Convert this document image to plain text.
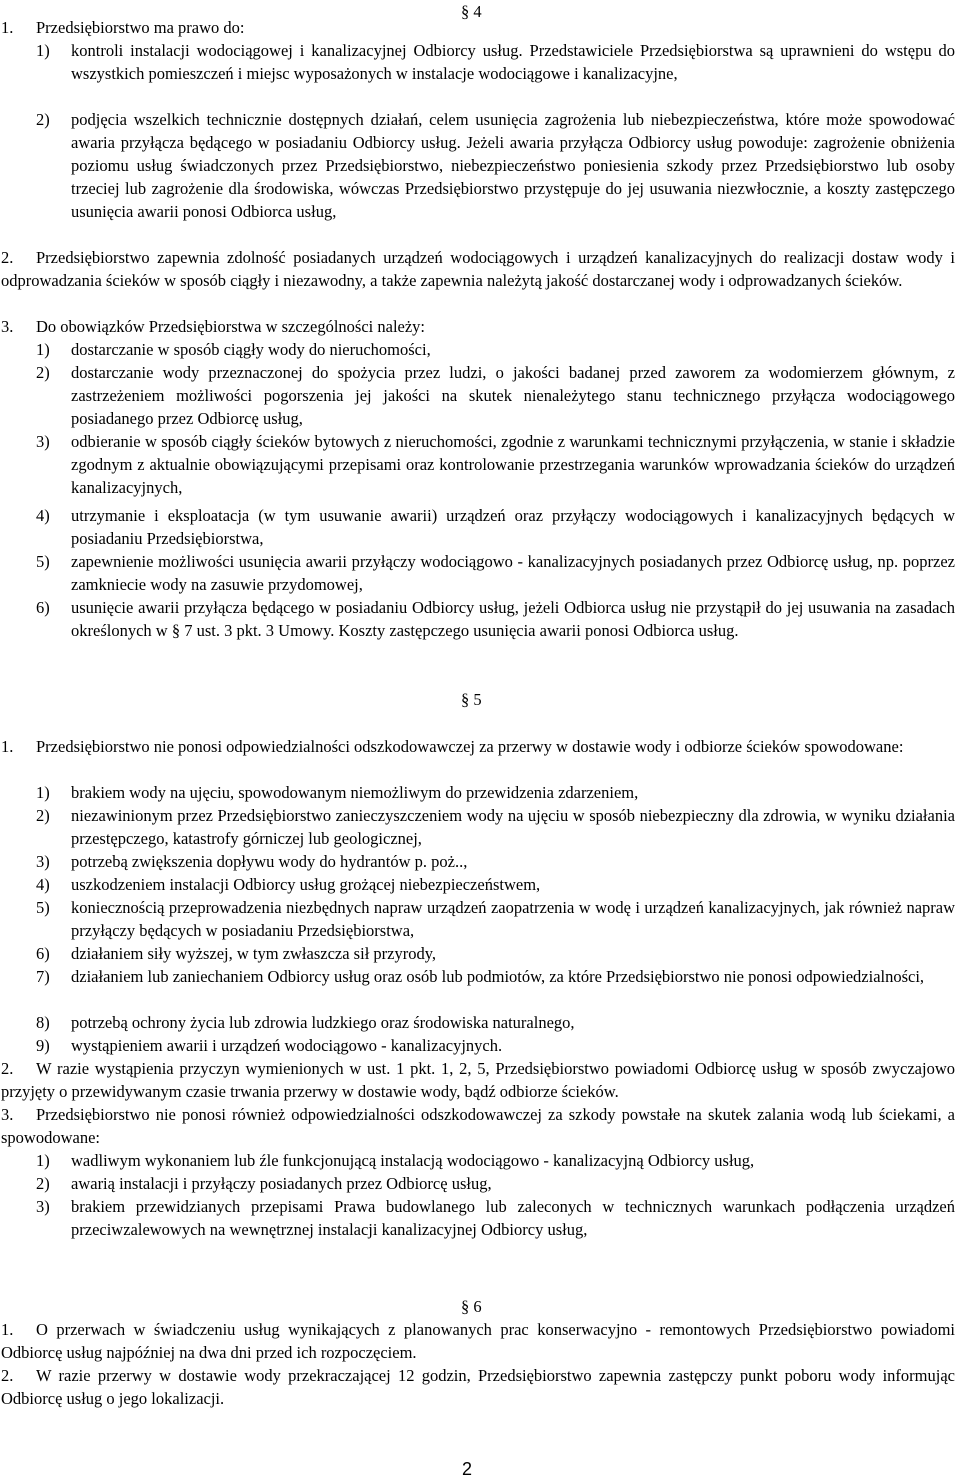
§ 4
1. Przedsiębiorstwo ma prawo do:
1)	kontroli instalacji wodociągowej i kanalizacyjnej Odbiorcy usług. Przedstawiciele Przedsiębiorstwa są uprawnieni do wstępu do wszystkich pomieszczeń i miejsc wyposażonych w instalacje wodociągowe i kanalizacyjne,
2)	podjęcia wszelkich technicznie dostępnych działań, celem usunięcia zagrożenia lub niebezpieczeństwa, które może spowodować awaria przyłącza będącego w posiadaniu Odbiorcy usług. Jeżeli awaria przyłącza Odbiorcy usług powoduje: zagrożenie obniżenia poziomu usług świadczonych przez Przedsiębiorstwo, niebezpieczeństwo poniesienia szkody przez Przedsiębiorstwo lub osoby trzeciej lub zagrożenie dla środowiska, wówczas Przedsiębiorstwo przystępuje do jej usuwania niezwłocznie, a koszty zastępczego usunięcia awarii ponosi Odbiorca usług,
2.	Przedsiębiorstwo zapewnia zdolność posiadanych urządzeń wodociągowych i urządzeń kanalizacyjnych do realizacji dostaw wody i odprowadzania ścieków w sposób ciągły i niezawodny, a także zapewnia należytą jakość dostarczanej wody i odprowadzanych ścieków.
3. Do obowiązków Przedsiębiorstwa w szczególności należy:
1)	dostarczanie w sposób ciągły wody do nieruchomości,
2)	dostarczanie wody przeznaczonej do spożycia przez ludzi, o jakości badanej przed zaworem za wodomierzem głównym, z zastrzeżeniem możliwości pogorszenia jej jakości na skutek nienależytego stanu technicznego przyłącza wodociągowego posiadanego przez Odbiorcę usług,
3)	odbieranie w sposób ciągły ścieków bytowych z nieruchomości, zgodnie z warunkami technicznymi przyłączenia, w stanie i składzie zgodnym z aktualnie obowiązującymi przepisami oraz kontrolowanie przestrzegania warunków wprowadzania ścieków do urządzeń kanalizacyjnych,
4)	utrzymanie i eksploatacja (w tym usuwanie awarii) urządzeń oraz przyłączy wodociągowych i kanalizacyjnych będących w posiadaniu Przedsiębiorstwa,
5)	zapewnienie możliwości usunięcia awarii przyłączy wodociągowo - kanalizacyjnych posiadanych przez Odbiorcę usług, np. poprzez zamkniecie wody na zasuwie przydomowej,
6)	usunięcie awarii przyłącza będącego w posiadaniu Odbiorcy usług, jeżeli Odbiorca usług nie przystąpił do jej usuwania na zasadach określonych w § 7 ust. 3 pkt. 3 Umowy. Koszty zastępczego usunięcia awarii ponosi Odbiorca usług.
§ 5
1.	Przedsiębiorstwo nie ponosi odpowiedzialności odszkodowawczej za przerwy w dostawie wody i odbiorze ścieków spowodowane:
1)	brakiem wody na ujęciu, spowodowanym niemożliwym do przewidzenia zdarzeniem,
2)	niezawinionym przez Przedsiębiorstwo zanieczyszczeniem wody na ujęciu w sposób niebezpieczny dla zdrowia, w wyniku działania przestępczego, katastrofy górniczej lub geologicznej,
3)	potrzebą zwiększenia dopływu wody do hydrantów p. poż..,
4)	uszkodzeniem instalacji Odbiorcy usług grożącej niebezpieczeństwem,
5)	koniecznością przeprowadzenia niezbędnych napraw urządzeń zaopatrzenia w wodę i urządzeń kanalizacyjnych, jak również napraw przyłączy będących w posiadaniu Przedsiębiorstwa,
6)	działaniem siły wyższej, w tym zwłaszcza sił przyrody,
7)	działaniem lub zaniechaniem Odbiorcy usług oraz osób lub podmiotów, za które Przedsiębiorstwo nie ponosi odpowiedzialności,
8)	potrzebą ochrony życia lub zdrowia ludzkiego oraz środowiska naturalnego,
9)	wystąpieniem awarii i urządzeń wodociągowo - kanalizacyjnych.
2.	W razie wystąpienia przyczyn wymienionych w ust. 1 pkt. 1, 2, 5, Przedsiębiorstwo powiadomi Odbiorcę usług w sposób zwyczajowo przyjęty o przewidywanym czasie trwania przerwy w dostawie wody, bądź odbiorze ścieków.
3.	Przedsiębiorstwo nie ponosi również odpowiedzialności odszkodowawczej za szkody powstałe na skutek zalania wodą lub ściekami, a spowodowane:
1)	wadliwym wykonaniem lub źle funkcjonującą instalacją wodociągowo - kanalizacyjną Odbiorcy usług,
2)	awarią instalacji i przyłączy posiadanych przez Odbiorcę usług,
3)	brakiem przewidzianych przepisami Prawa budowlanego lub zaleconych w technicznych warunkach podłączenia urządzeń przeciwzalewowych na wewnętrznej instalacji kanalizacyjnej Odbiorcy usług,
§ 6
1.	O przerwach w świadczeniu usług wynikających z planowanych prac konserwacyjno - remontowych Przedsiębiorstwo powiadomi Odbiorcę usług najpóźniej na dwa dni przed ich rozpoczęciem.
2.	W razie przerwy w dostawie wody przekraczającej 12 godzin, Przedsiębiorstwo zapewnia zastępczy punkt poboru wody informując Odbiorcę usług o jego lokalizacji.
2
